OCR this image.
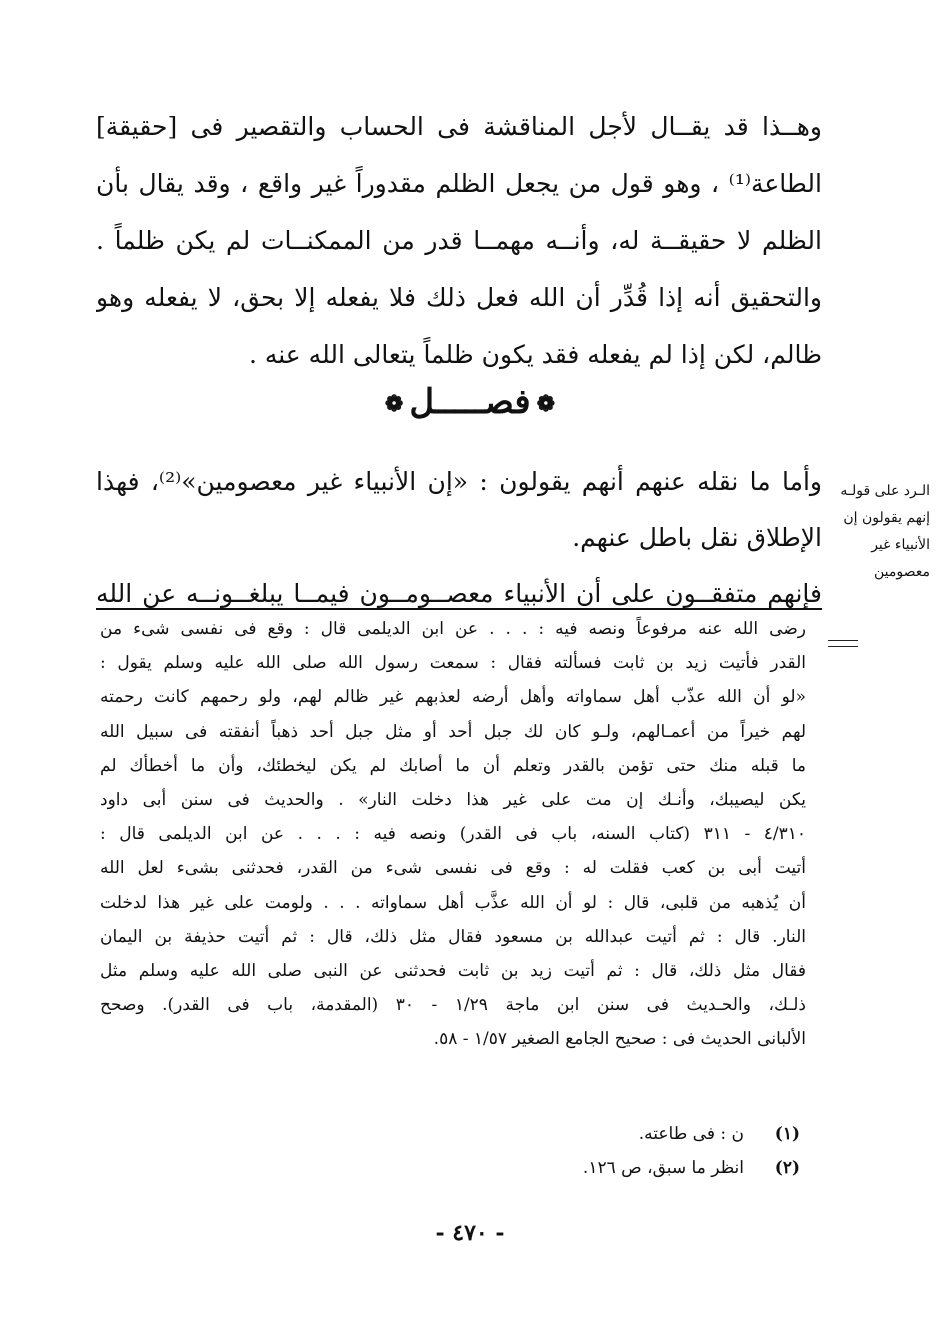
وهــذا قد يقــال لأجل المناقشة فى الحساب والتقصير فى [حقيقة]
الطاعة⁽¹⁾ ، وهو قول من يجعل الظلم مقدوراً غير واقع ، وقد يقال بأن
الظلم لا حقيقــة له، وأنــه مهمــا قدر من الممكنــات لم يكن ظلماً .
والتحقيق أنه إذا قُدِّر أن الله فعل ذلك فلا يفعله إلا بحق، لا يفعله وهو
ظالم، لكن إذا لم يفعله فقد يكون ظلماً يتعالى الله عنه .
❁فصـــــل❁
وأما ما نقله عنهم أنهم يقولون : «إن الأنبياء غير معصومين»⁽²⁾، فهذا
الإطلاق نقل باطل عنهم.
فإنهم متفقــون على أن الأنبياء معصــومــون فيمــا يبلغــونــه عن الله
الـرد على قولـه
إنهم يقولون إن
الأنبياء غير
معصومين
رضى الله عنه مرفوعاً ونصه فيه : . . . عن ابن الديلمى قال : وقع فى نفسى شىء من
القدر فأتيت زيد بن ثابت فسألته فقال : سمعت رسول الله صلى الله عليه وسلم يقول :
«لو أن الله عذّب أهل سماواته وأهل أرضه لعذبهم غير ظالم لهم، ولو رحمهم كانت رحمته
لهم خيراً من أعمـالهم، ولـو كان لك جبل أحد أو مثل جبل أحد ذهباً أنفقته فى سبيل الله
ما قبله منك حتى تؤمن بالقدر وتعلم أن ما أصابك لم يكن ليخطئك، وأن ما أخطأك لم
يكن ليصيبك، وأنـك إن مت على غير هذا دخلت النار» . والحديث فى سنن أبى داود
٤/٣١٠ - ٣١١ (كتاب السنه، باب فى القدر) ونصه فيه : . . . عن ابن الديلمى قال :
أتيت أبى بن كعب فقلت له : وقع فى نفسى شىء من القدر، فحدثنى بشىء لعل الله
أن يُذهبه من قلبى، قال : لو أن الله عذَّب أهل سماواته . . . ولومت على غير هذا لدخلت
النار. قال : ثم أتيت عبدالله بن مسعود فقال مثل ذلك، قال : ثم أتيت حذيفة بن اليمان
فقال مثل ذلك، قال : ثم أتيت زيد بن ثابت فحدثنى عن النبى صلى الله عليه وسلم مثل
ذلـك، والحـديث فى سنن ابن ماجة ١/٢٩ - ٣٠ (المقدمة، باب فى القدر). وصحح
الألبانى الحديث فى : صحيح الجامع الصغير ١/٥٧ - ٥٨.
(١)ن : فى طاعته.
(٢)انظر ما سبق، ص ١٢٦.
- ٤٧٠ -
